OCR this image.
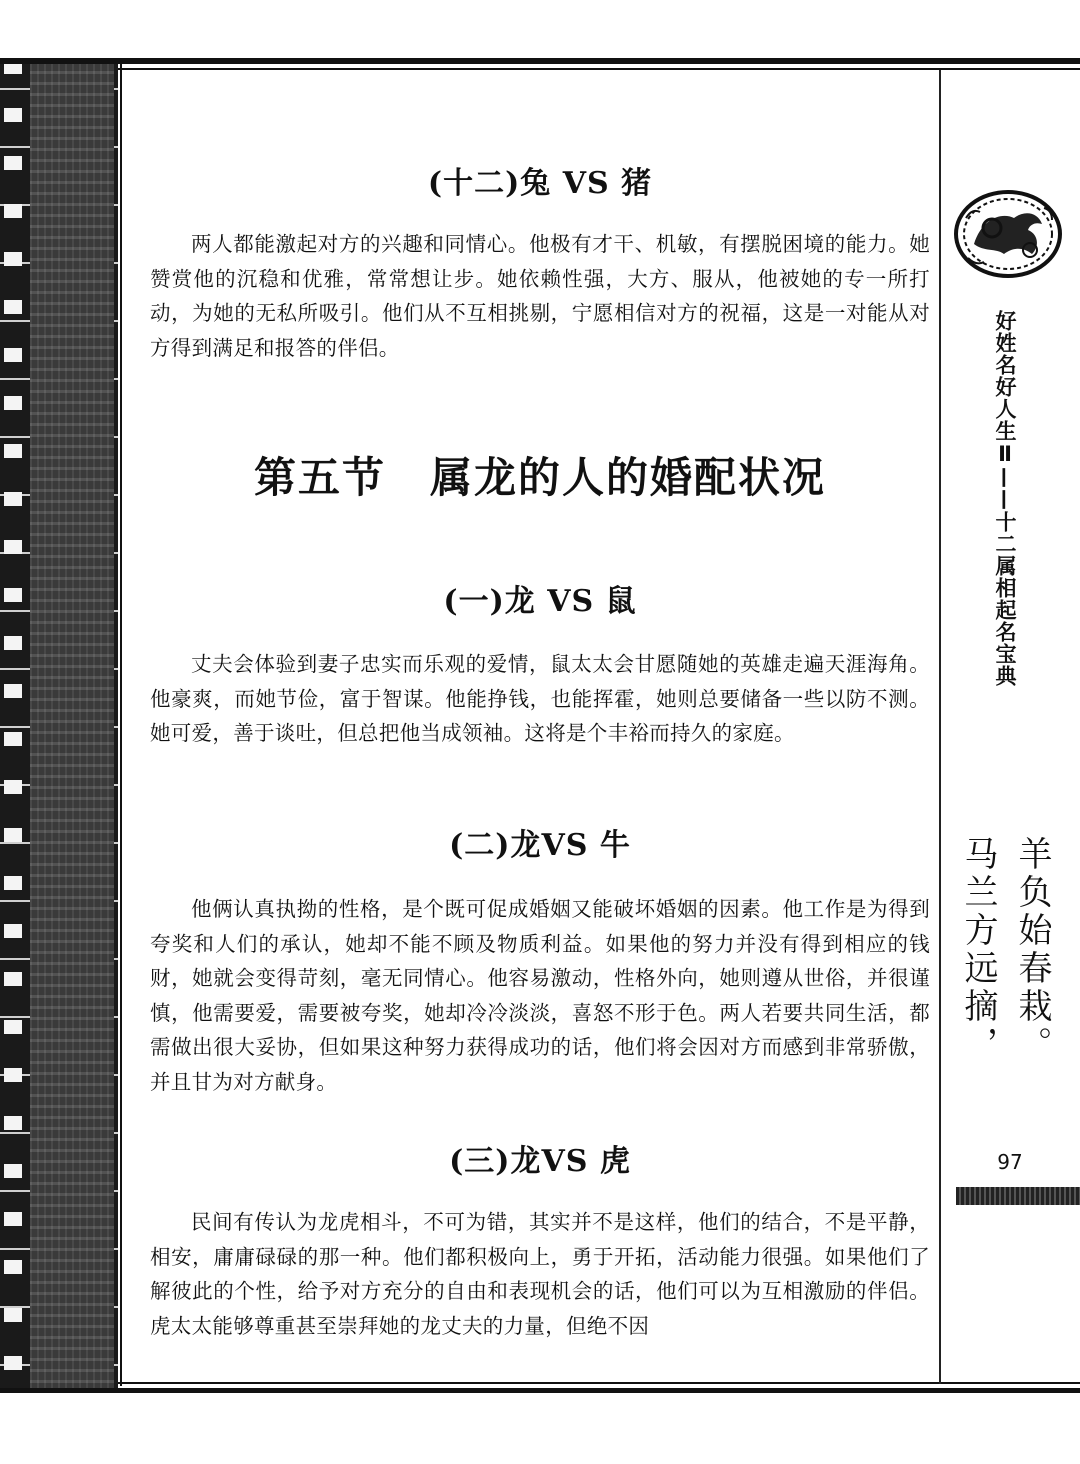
(十二)兔 VS 猪

两人都能激起对方的兴趣和同情心。他极有才干、机敏，有摆脱困境的能力。她赞赏他的沉稳和优雅，常常想让步。她依赖性强，大方、服从，他被她的专一所打动，为她的无私所吸引。他们从不互相挑剔，宁愿相信对方的祝福，这是一对能从对方得到满足和报答的伴侣。

第五节　属龙的人的婚配状况
(一)龙 VS 鼠

丈夫会体验到妻子忠实而乐观的爱情，鼠太太会甘愿随她的英雄走遍天涯海角。他豪爽，而她节俭，富于智谋。他能挣钱，也能挥霍，她则总要储备一些以防不测。她可爱，善于谈吐，但总把他当成领袖。这将是个丰裕而持久的家庭。

(二)龙VS 牛

他俩认真执拗的性格，是个既可促成婚姻又能破坏婚姻的因素。他工作是为得到夸奖和人们的承认，她却不能不顾及物质利益。如果他的努力并没有得到相应的钱财，她就会变得苛刻，毫无同情心。他容易激动，性格外向，她则遵从世俗，并很谨慎，他需要爱，需要被夸奖，她却冷冷淡淡，喜怒不形于色。两人若要共同生活，都需做出很大妥协，但如果这种努力获得成功的话，他们将会因对方而感到非常骄傲，并且甘为对方献身。

(三)龙VS 虎

民间有传认为龙虎相斗，不可为错，其实并不是这样，他们的结合，不是平静，相安，庸庸碌碌的那一种。他们都积极向上，勇于开拓，活动能力很强。如果他们了解彼此的个性，给予对方充分的自由和表现机会的话，他们可以为互相激励的伴侣。虎太太能够尊重甚至崇拜她的龙丈夫的力量，但绝不因

好姓名好人生Ⅱ——十二属相起名宝典
羊负始春栽。
马兰方远摘，
97
